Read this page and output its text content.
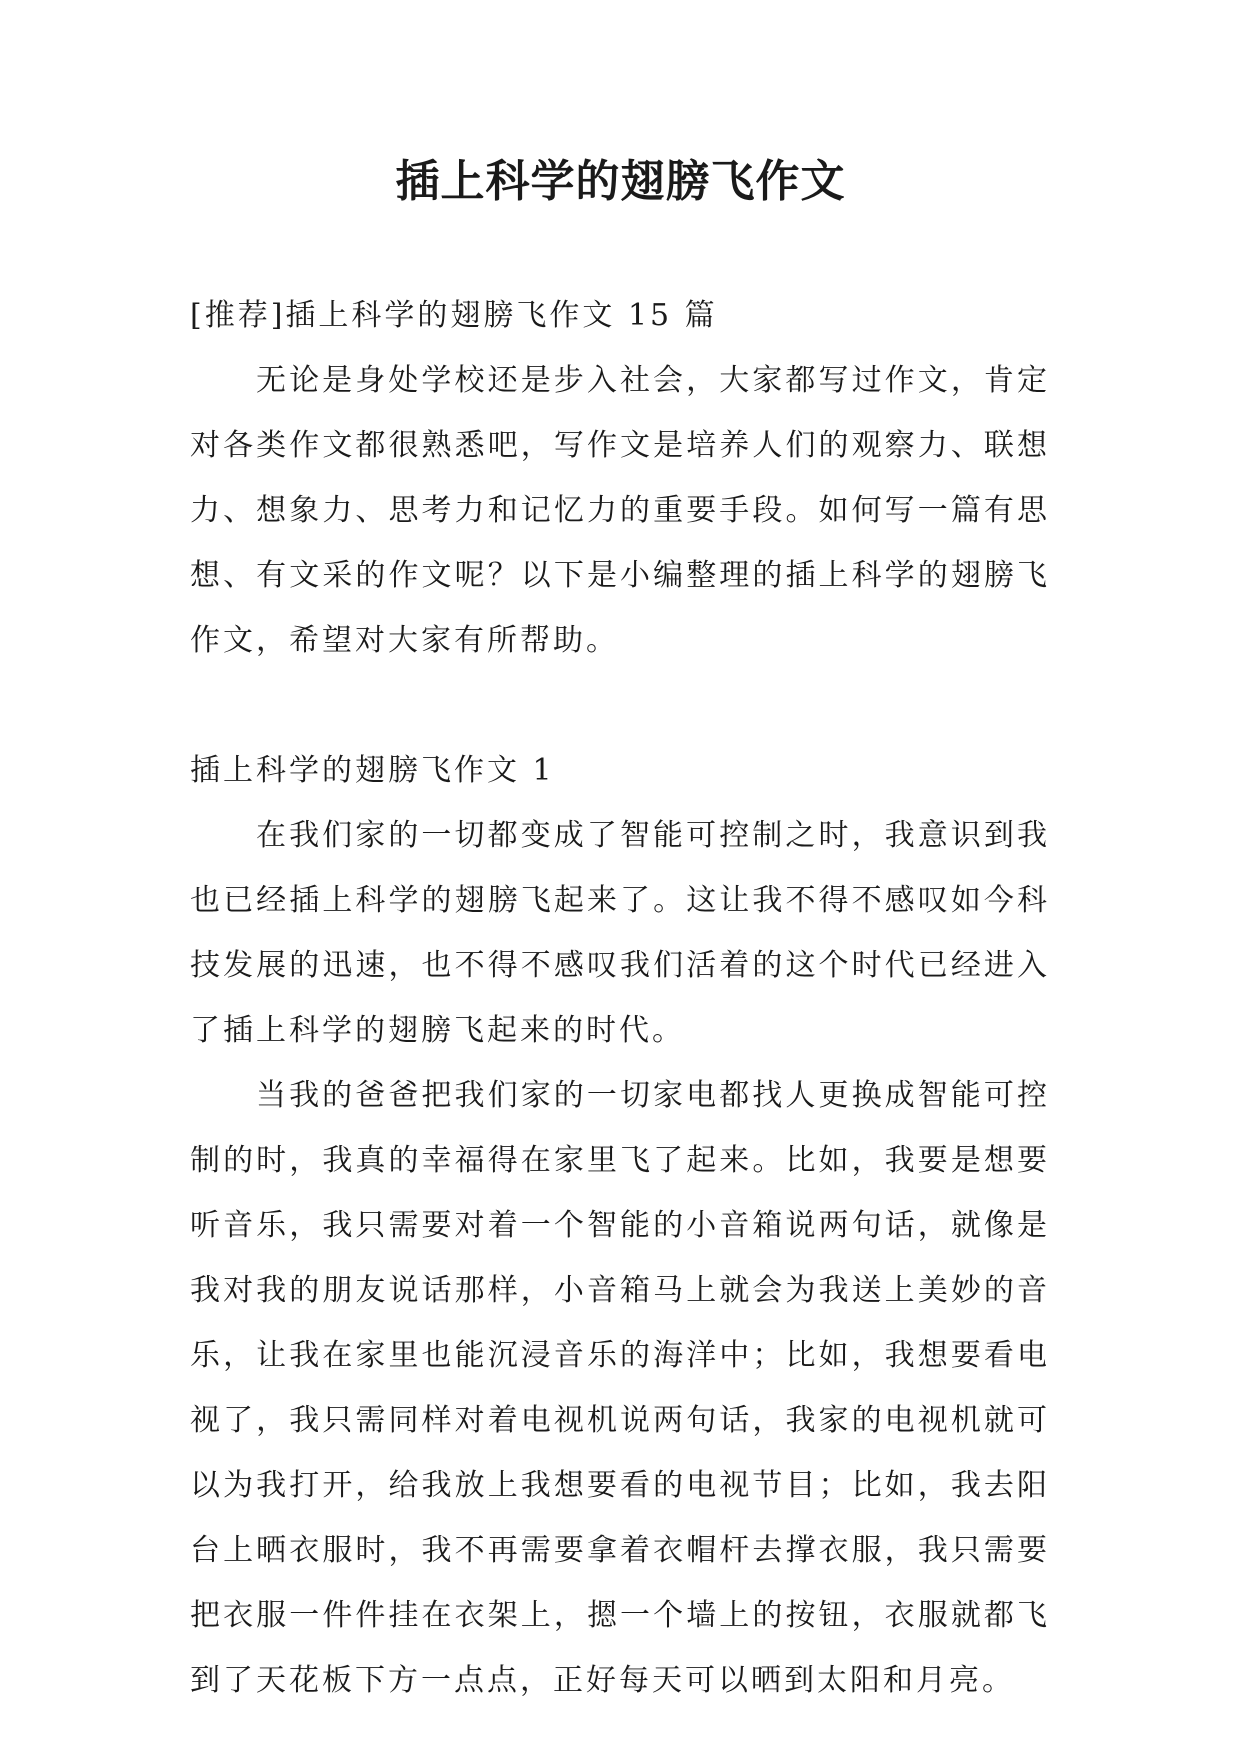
插上科学的翅膀飞作文

[推荐]插上科学的翅膀飞作文 15 篇

无论是身处学校还是步入社会，大家都写过作文，肯定对各类作文都很熟悉吧，写作文是培养人们的观察力、联想力、想象力、思考力和记忆力的重要手段。如何写一篇有思想、有文采的作文呢？以下是小编整理的插上科学的翅膀飞作文，希望对大家有所帮助。

插上科学的翅膀飞作文 1

在我们家的一切都变成了智能可控制之时，我意识到我也已经插上科学的翅膀飞起来了。这让我不得不感叹如今科技发展的迅速，也不得不感叹我们活着的这个时代已经进入了插上科学的翅膀飞起来的时代。

当我的爸爸把我们家的一切家电都找人更换成智能可控制的时，我真的幸福得在家里飞了起来。比如，我要是想要听音乐，我只需要对着一个智能的小音箱说两句话，就像是我对我的朋友说话那样，小音箱马上就会为我送上美妙的音乐，让我在家里也能沉浸音乐的海洋中；比如，我想要看电视了，我只需同样对着电视机说两句话，我家的电视机就可以为我打开，给我放上我想要看的电视节目；比如，我去阳台上晒衣服时，我不再需要拿着衣帽杆去撑衣服，我只需要把衣服一件件挂在衣架上，摁一个墙上的按钮，衣服就都飞到了天花板下方一点点，正好每天可以晒到太阳和月亮。
